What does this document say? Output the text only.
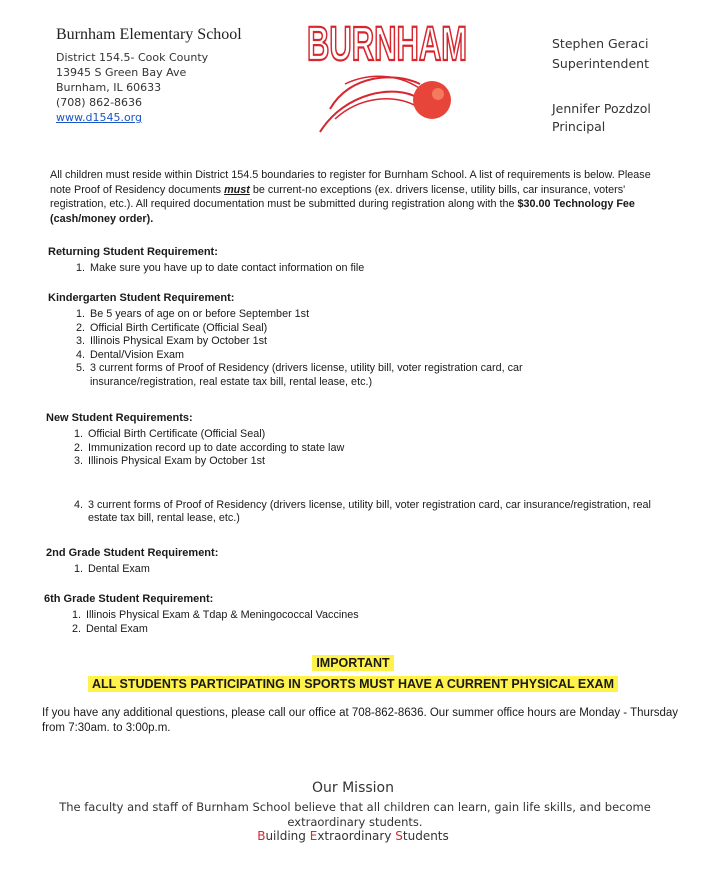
Burnham Elementary School
District 154.5- Cook County
13945 S Green Bay Ave
Burnham, IL 60633
(708) 862-8636
www.d1545.org
BURNHAM	Stephen Geraci
Superintendent
Jennifer Pozdzol
Principal
All children must reside within District 154.5 boundaries to register for Burnham School. A list of requirements is below. Please note Proof of Residency documents must be current-no exceptions (ex. drivers license, utility bills, car insurance, voters' registration, etc.). All required documentation must be submitted during registration along with the $30.00 Technology Fee (cash/money order).
Returning Student Requirement:
1. Make sure you have up to date contact information on file
Kindergarten Student Requirement:
1. Be 5 years of age on or before September 1st
2. Official Birth Certificate (Official Seal)
3. Illinois Physical Exam by October 1st
4. Dental/Vision Exam
5. 3 current forms of Proof of Residency (drivers license, utility bill, voter registration card, car insurance/registration, real estate tax bill, rental lease, etc.)
New Student Requirements:
1. Official Birth Certificate (Official Seal)
2. Immunization record up to date according to state law
3. Illinois Physical Exam by October 1st
4. 3 current forms of Proof of Residency (drivers license, utility bill, voter registration card, car insurance/registration, real estate tax bill, rental lease, etc.)
2nd Grade Student Requirement:
1. Dental Exam
6th Grade Student Requirement:
1. Illinois Physical Exam & Tdap & Meningococcal Vaccines
2. Dental Exam
IMPORTANT
ALL STUDENTS PARTICIPATING IN SPORTS MUST HAVE A CURRENT PHYSICAL EXAM
If you have any additional questions, please call our office at 708-862-8636. Our summer office hours are Monday - Thursday from 7:30am. to 3:00p.m.
Our Mission
The faculty and staff of Burnham School believe that all children can learn, gain life skills, and become extraordinary students.
Building Extraordinary Students
